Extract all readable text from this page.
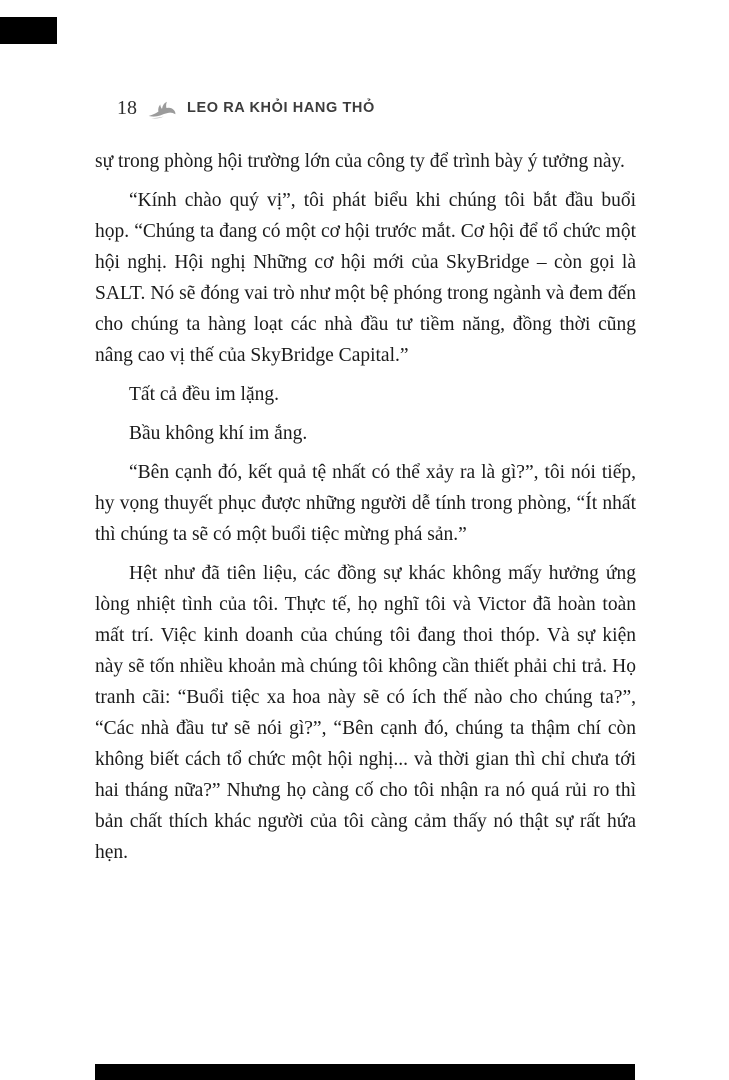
18	LEO RA KHỎI HANG THỎ

sự trong phòng hội trường lớn của công ty để trình bày ý tưởng này.

“Kính chào quý vị”, tôi phát biểu khi chúng tôi bắt đầu buổi họp. “Chúng ta đang có một cơ hội trước mắt. Cơ hội để tổ chức một hội nghị. Hội nghị Những cơ hội mới của SkyBridge – còn gọi là SALT. Nó sẽ đóng vai trò như một bệ phóng trong ngành và đem đến cho chúng ta hàng loạt các nhà đầu tư tiềm năng, đồng thời cũng nâng cao vị thế của SkyBridge Capital.”

Tất cả đều im lặng.

Bầu không khí im ắng.

“Bên cạnh đó, kết quả tệ nhất có thể xảy ra là gì?”, tôi nói tiếp, hy vọng thuyết phục được những người dễ tính trong phòng, “Ít nhất thì chúng ta sẽ có một buổi tiệc mừng phá sản.”

Hệt như đã tiên liệu, các đồng sự khác không mấy hưởng ứng lòng nhiệt tình của tôi. Thực tế, họ nghĩ tôi và Victor đã hoàn toàn mất trí. Việc kinh doanh của chúng tôi đang thoi thóp. Và sự kiện này sẽ tốn nhiều khoản mà chúng tôi không cần thiết phải chi trả. Họ tranh cãi: “Buổi tiệc xa hoa này sẽ có ích thế nào cho chúng ta?”, “Các nhà đầu tư sẽ nói gì?”, “Bên cạnh đó, chúng ta thậm chí còn không biết cách tổ chức một hội nghị... và thời gian thì chỉ chưa tới hai tháng nữa?” Nhưng họ càng cố cho tôi nhận ra nó quá rủi ro thì bản chất thích khác người của tôi càng cảm thấy nó thật sự rất hứa hẹn.
